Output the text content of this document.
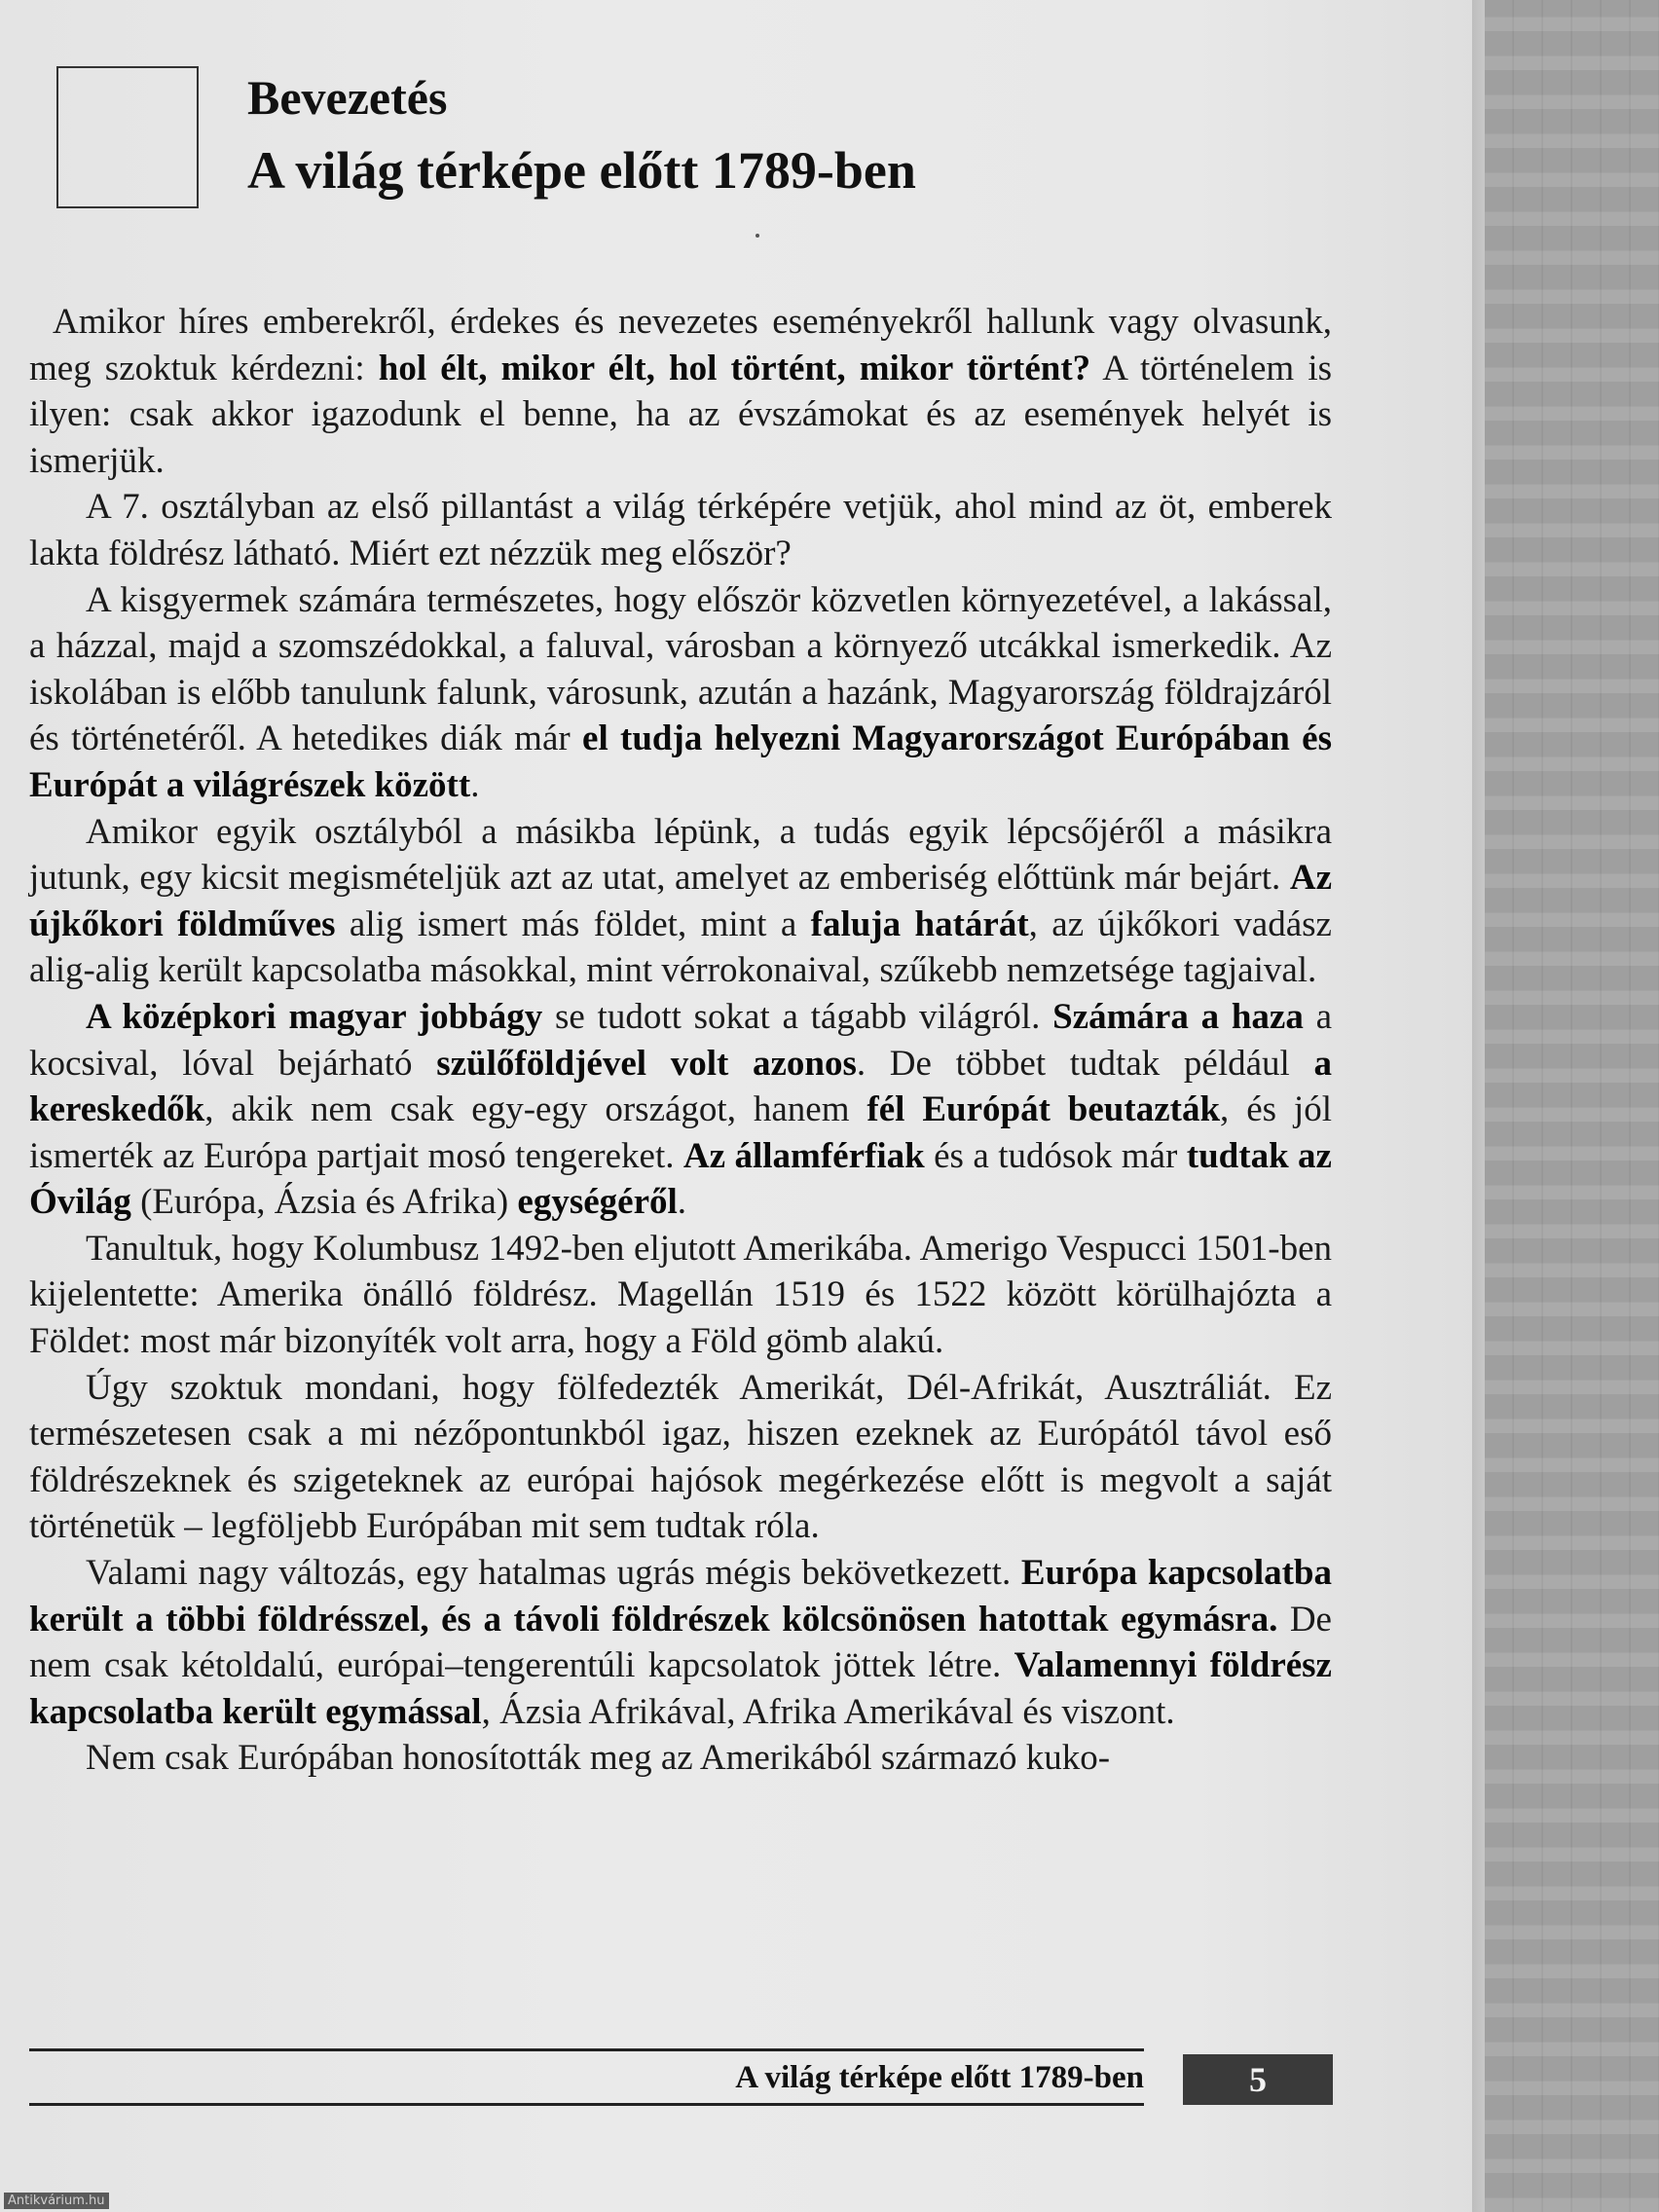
Bevezetés
A világ térképe előtt 1789-ben

Amikor híres emberekről, érdekes és nevezetes eseményekről hallunk vagy olvasunk, meg szoktuk kérdezni: hol élt, mikor élt, hol történt, mikor történt? A történelem is ilyen: csak akkor igazodunk el benne, ha az évszámokat és az események helyét is ismerjük.

A 7. osztályban az első pillantást a világ térképére vetjük, ahol mind az öt, emberek lakta földrész látható. Miért ezt nézzük meg először?

A kisgyermek számára természetes, hogy először közvetlen környezetével, a lakással, a házzal, majd a szomszédokkal, a faluval, városban a környező utcákkal ismerkedik. Az iskolában is előbb tanulunk falunk, városunk, azután a hazánk, Magyarország földrajzáról és történetéről. A hetedikes diák már el tudja helyezni Magyarországot Európában és Európát a világrészek között.

Amikor egyik osztályból a másikba lépünk, a tudás egyik lépcsőjéről a másikra jutunk, egy kicsit megismételjük azt az utat, amelyet az emberiség előttünk már bejárt. Az újkőkori földműves alig ismert más földet, mint a faluja határát, az újkőkori vadász alig-alig került kapcsolatba másokkal, mint vérrokonaival, szűkebb nemzetsége tagjaival.

A középkori magyar jobbágy se tudott sokat a tágabb világról. Számára a haza a kocsival, lóval bejárható szülőföldjével volt azonos. De többet tudtak például a kereskedők, akik nem csak egy-egy országot, hanem fél Európát beutazták, és jól ismerték az Európa partjait mosó tengereket. Az államférfiak és a tudósok már tudtak az Óvilág (Európa, Ázsia és Afrika) egységéről.

Tanultuk, hogy Kolumbusz 1492-ben eljutott Amerikába. Amerigo Vespucci 1501-ben kijelentette: Amerika önálló földrész. Magellán 1519 és 1522 között körülhajózta a Földet: most már bizonyíték volt arra, hogy a Föld gömb alakú.

Úgy szoktuk mondani, hogy fölfedezték Amerikát, Dél-Afrikát, Ausztráliát. Ez természetesen csak a mi nézőpontunkból igaz, hiszen ezeknek az Európától távol eső földrészeknek és szigeteknek az európai hajósok megérkezése előtt is megvolt a saját történetük – legföljebb Európában mit sem tudtak róla.

Valami nagy változás, egy hatalmas ugrás mégis bekövetkezett. Európa kapcsolatba került a többi földrésszel, és a távoli földrészek kölcsönösen hatottak egymásra. De nem csak kétoldalú, európai–tengerentúli kapcsolatok jöttek létre. Valamennyi földrész kapcsolatba került egymással, Ázsia Afrikával, Afrika Amerikával és viszont.

Nem csak Európában honosították meg az Amerikából származó kuko-

A világ térképe előtt 1789-ben	5
Antikvárium.hu
